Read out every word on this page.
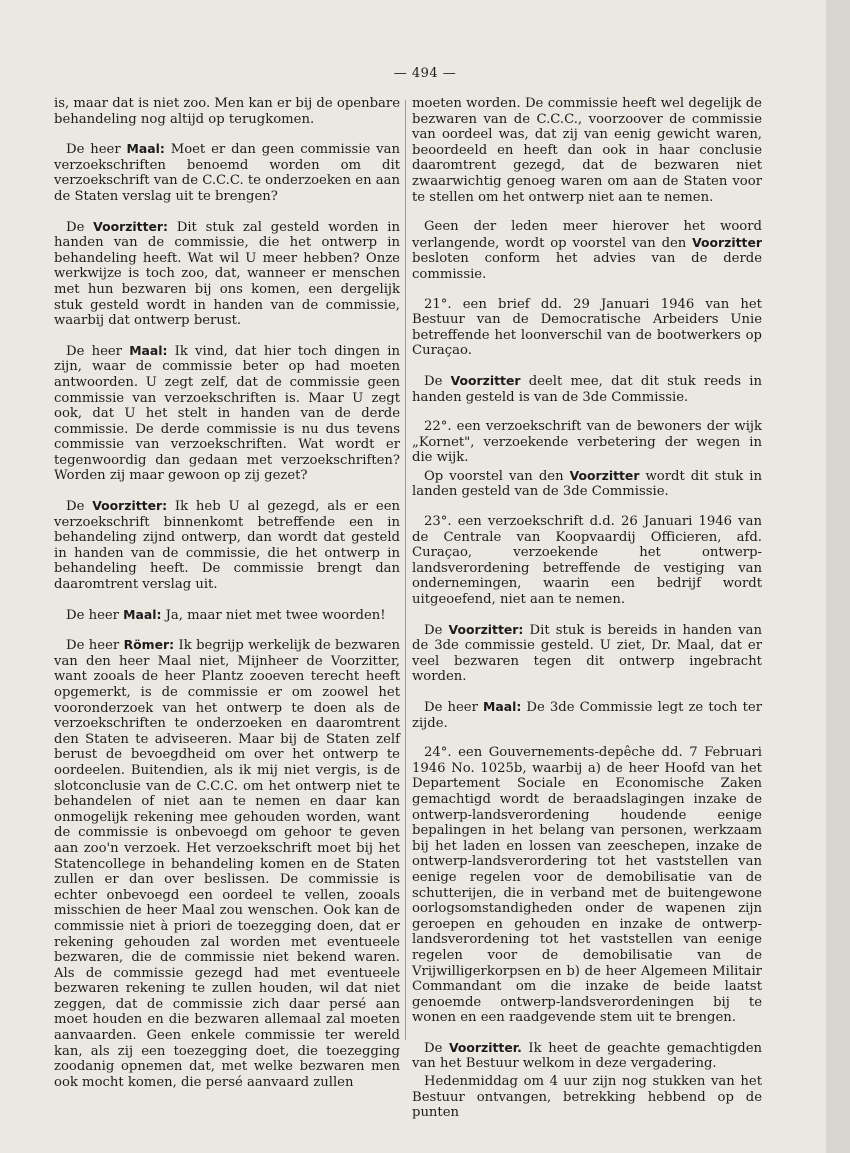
— 494 —

is, maar dat is niet zoo. Men kan er bij de openbare behandeling nog altijd op terugkomen.

De heer Maal: Moet er dan geen commissie van verzoekschriften benoemd worden om dit verzoekschrift van de C.C.C. te onderzoeken en aan de Staten verslag uit te brengen?

De Voorzitter: Dit stuk zal gesteld worden in handen van de commissie, die het ontwerp in behandeling heeft. Wat wil U meer hebben? Onze werkwijze is toch zoo, dat, wanneer er menschen met hun bezwaren bij ons komen, een dergelijk stuk gesteld wordt in handen van de commissie, waarbij dat ontwerp berust.

De heer Maal: Ik vind, dat hier toch dingen in zijn, waar de commissie beter op had moeten antwoorden. U zegt zelf, dat de commissie geen commissie van verzoekschriften is. Maar U zegt ook, dat U het stelt in handen van de derde commissie. De derde commissie is nu dus tevens commissie van verzoekschriften. Wat wordt er tegenwoordig dan gedaan met verzoekschriften? Worden zij maar gewoon op zij gezet?

De Voorzitter: Ik heb U al gezegd, als er een verzoekschrift binnenkomt betreffende een in behandeling zijnd ontwerp, dan wordt dat gesteld in handen van de commissie, die het ontwerp in behandeling heeft. De commissie brengt dan daaromtrent verslag uit.

De heer Maal: Ja, maar niet met twee woorden!

De heer Römer: Ik begrijp werkelijk de bezwaren van den heer Maal niet, Mijnheer de Voorzitter, want zooals de heer Plantz zooeven terecht heeft opgemerkt, is de commissie er om zoowel het vooronderzoek van het ontwerp te doen als de verzoekschriften te onderzoeken en daaromtrent den Staten te adviseeren. Maar bij de Staten zelf berust de bevoegdheid om over het ontwerp te oordeelen. Buitendien, als ik mij niet vergis, is de slotconclusie van de C.C.C. om het ontwerp niet te behandelen of niet aan te nemen en daar kan onmogelijk rekening mee gehouden worden, want de commissie is onbevoegd om gehoor te geven aan zoo'n verzoek. Het verzoekschrift moet bij het Statencollege in behandeling komen en de Staten zullen er dan over beslissen. De commissie is echter onbevoegd een oordeel te vellen, zooals misschien de heer Maal zou wenschen. Ook kan de commissie niet à priori de toezegging doen, dat er rekening gehouden zal worden met eventueele bezwaren, die de commissie niet bekend waren. Als de commissie gezegd had met eventueele bezwaren rekening te zullen houden, wil dat niet zeggen, dat de commissie zich daar persé aan moet houden en die bezwaren allemaal zal moeten aanvaarden. Geen enkele commissie ter wereld kan, als zij een toezegging doet, die toezegging zoodanig opnemen dat, met welke bezwaren men ook mocht komen, die persé aanvaard zullen

moeten worden. De commissie heeft wel degelijk de bezwaren van de C.C.C., voorzoover de commissie van oordeel was, dat zij van eenig gewicht waren, beoordeeld en heeft dan ook in haar conclusie daaromtrent gezegd, dat de bezwaren niet zwaarwichtig genoeg waren om aan de Staten voor te stellen om het ontwerp niet aan te nemen.

Geen der leden meer hierover het woord verlangende, wordt op voorstel van den Voorzitter besloten conform het advies van de derde commissie.

21°. een brief dd. 29 Januari 1946 van het Bestuur van de Democratische Arbeiders Unie betreffende het loonverschil van de bootwerkers op Curaçao.

De Voorzitter deelt mee, dat dit stuk reeds in handen gesteld is van de 3de Commissie.

22°. een verzoekschrift van de bewoners der wijk „Kornet", verzoekende verbetering der wegen in die wijk.

Op voorstel van den Voorzitter wordt dit stuk in landen gesteld van de 3de Commissie.

23°. een verzoekschrift d.d. 26 Januari 1946 van de Centrale van Koopvaardij Officieren, afd. Curaçao, verzoekende het ontwerp-landsverordening betreffende de vestiging van ondernemingen, waarin een bedrijf wordt uitgeoefend, niet aan te nemen.

De Voorzitter: Dit stuk is bereids in handen van de 3de commissie gesteld. U ziet, Dr. Maal, dat er veel bezwaren tegen dit ontwerp ingebracht worden.

De heer Maal: De 3de Commissie legt ze toch ter zijde.

24°. een Gouvernements-depêche dd. 7 Februari 1946 No. 1025b, waarbij a) de heer Hoofd van het Departement Sociale en Economische Zaken gemachtigd wordt de beraadslagingen inzake de ontwerp-landsverordening houdende eenige bepalingen in het belang van personen, werkzaam bij het laden en lossen van zeeschepen, inzake de ontwerp-landsverordering tot het vaststellen van eenige regelen voor de demobilisatie van de schutterijen, die in verband met de buitengewone oorlogsomstandigheden onder de wapenen zijn geroepen en gehouden en inzake de ontwerp-landsverordening tot het vaststellen van eenige regelen voor de demobilisatie van de Vrijwilligerkorpsen en b) de heer Algemeen Militair Commandant om die inzake de beide laatst genoemde ontwerp-landsverordeningen bij te wonen en een raadgevende stem uit te brengen.

De Voorzitter. Ik heet de geachte gemachtigden van het Bestuur welkom in deze vergadering.

Hedenmiddag om 4 uur zijn nog stukken van het Bestuur ontvangen, betrekking hebbend op de punten
